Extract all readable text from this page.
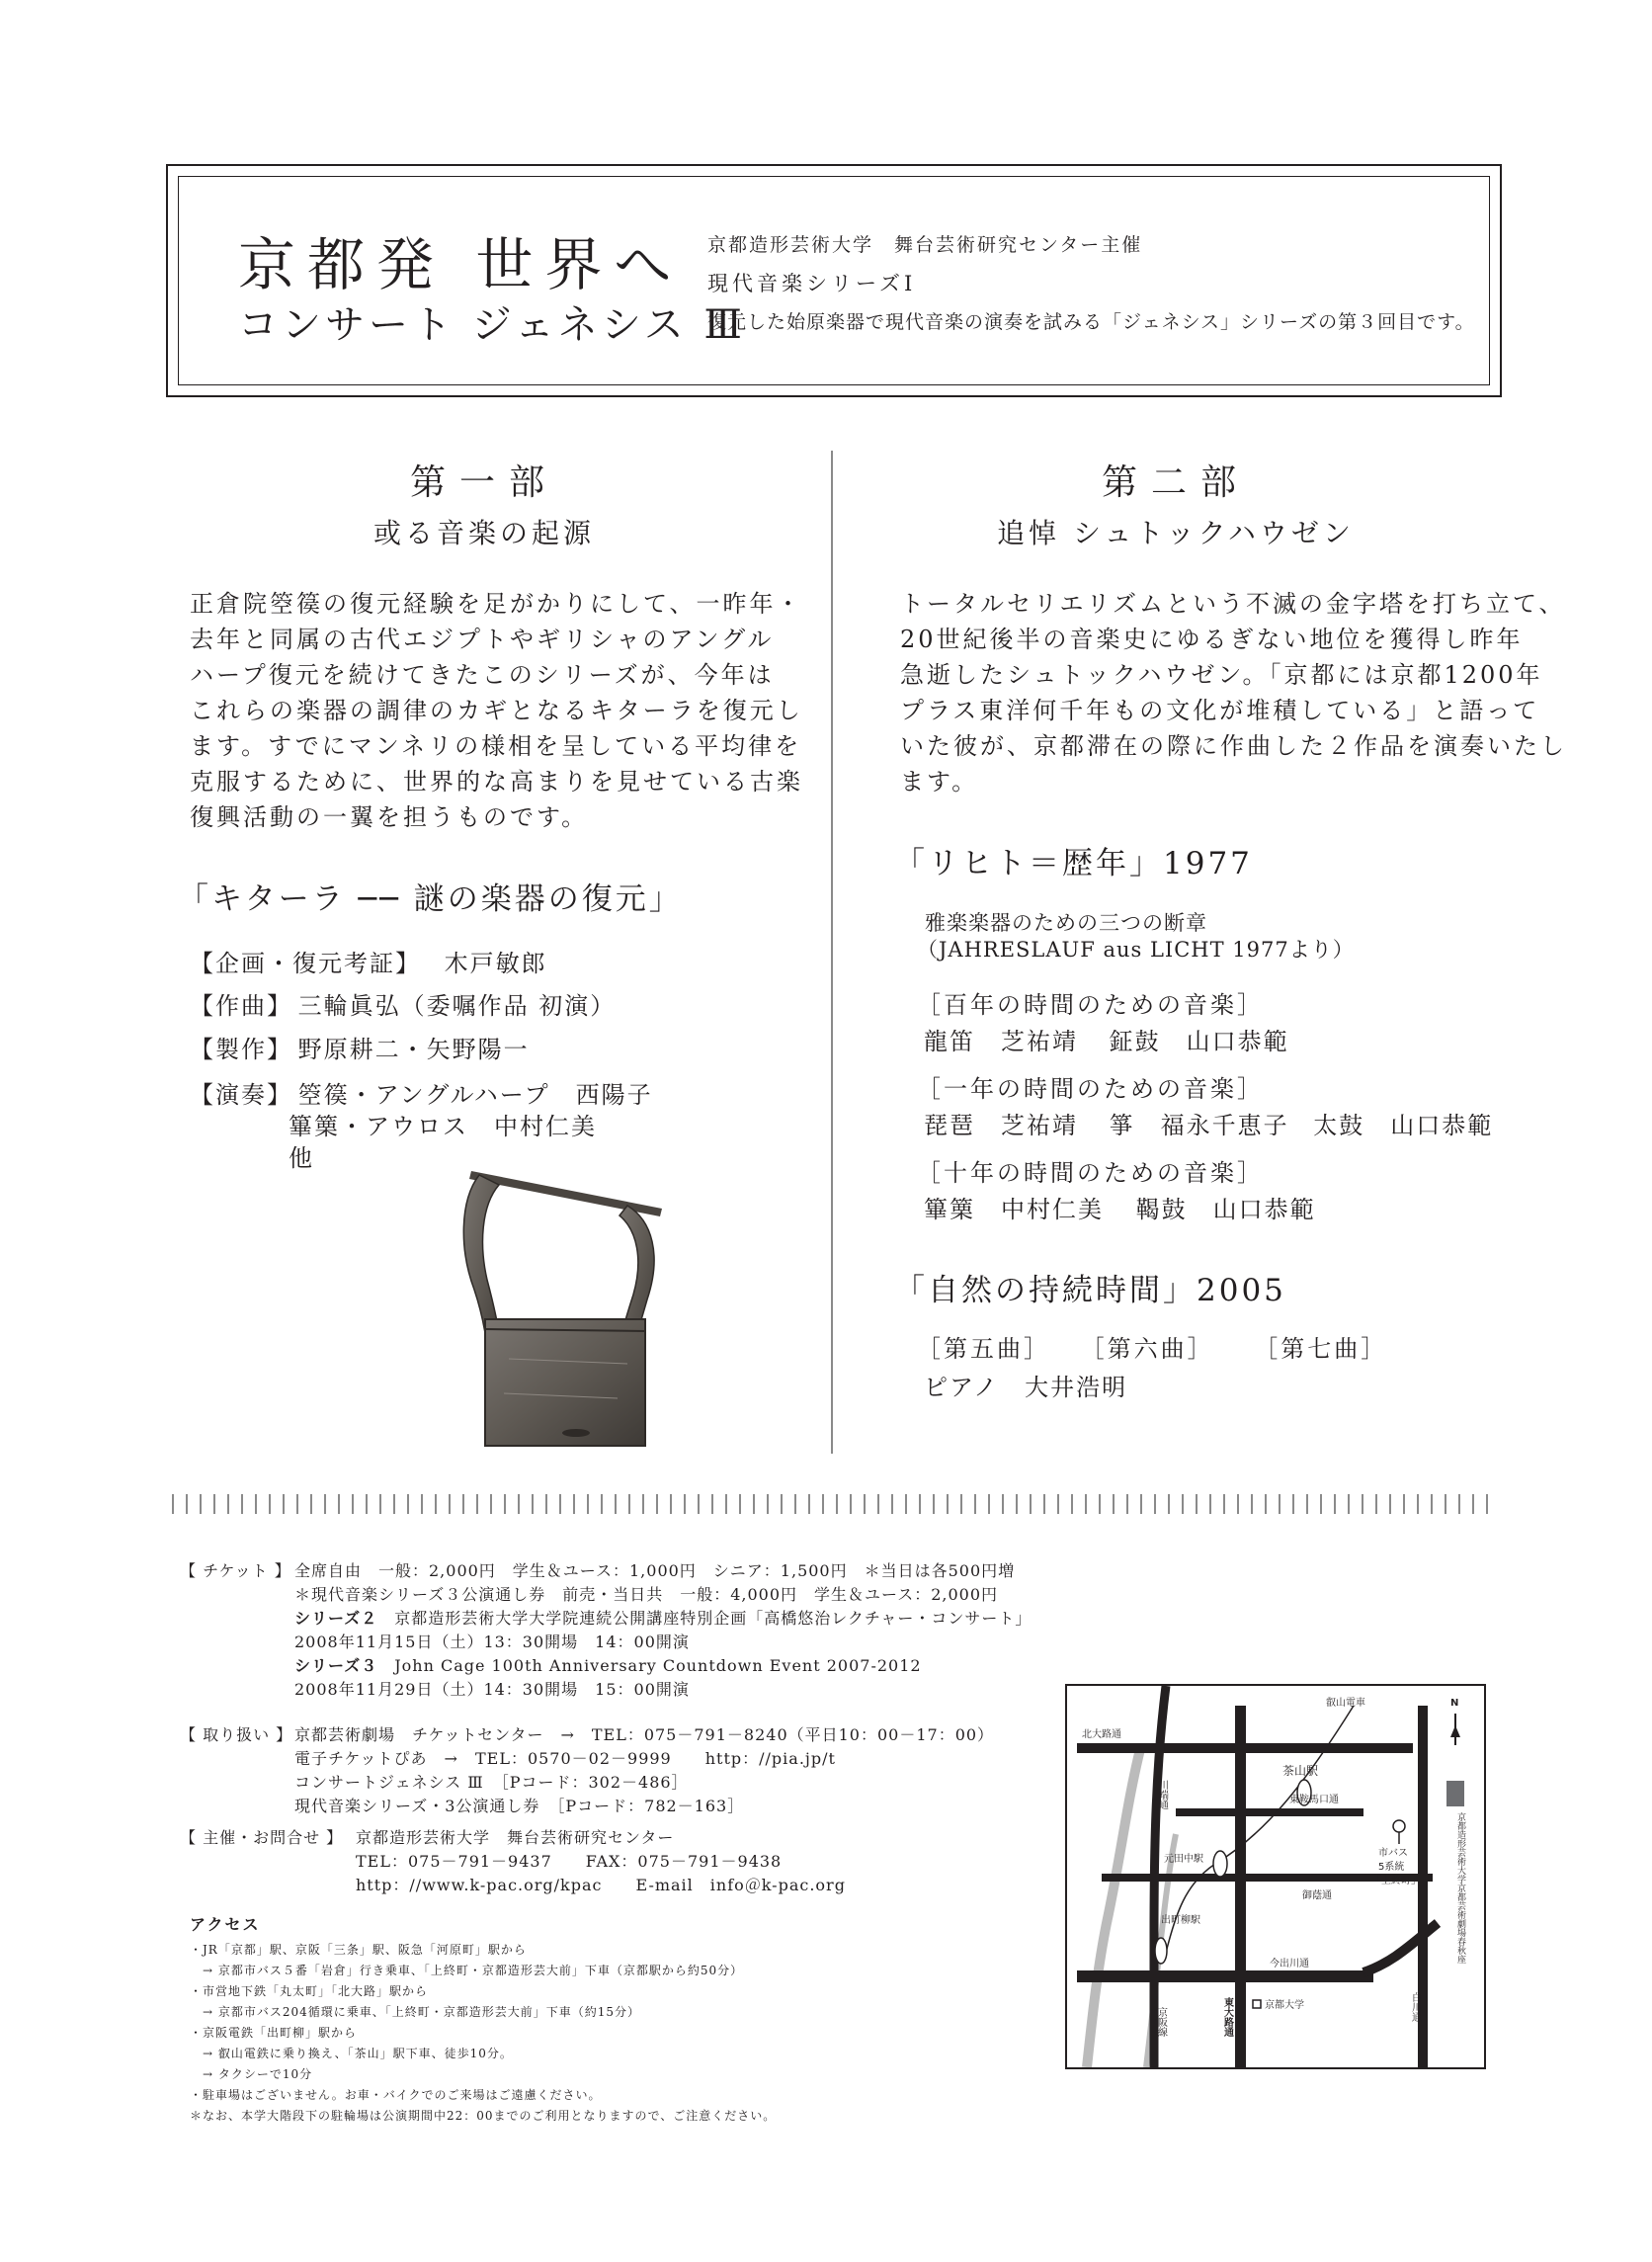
京都発 世界へ
コンサート ジェネシス Ⅲ
京都造形芸術大学　舞台芸術研究センター主催
現代音楽シリーズⅠ
復元した始原楽器で現代音楽の演奏を試みる「ジェネシス」シリーズの第３回目です。
第一部
或る音楽の起源
正倉院箜篌の復元経験を足がかりにして、一昨年・
去年と同属の古代エジプトやギリシャのアングル
ハープ復元を続けてきたこのシリーズが、今年は
これらの楽器の調律のカギとなるキターラを復元し
ます。すでにマンネリの様相を呈している平均律を
克服するために、世界的な高まりを見せている古楽
復興活動の一翼を担うものです。
「キターラ ── 謎の楽器の復元」
【企画・復元考証】 木戸敏郎
【作曲】 三輪眞弘（委嘱作品 初演）
【製作】 野原耕二・矢野陽一
【演奏】 箜篌・アングルハープ　西陽子
篳篥・アウロス　中村仁美
他
第二部
追悼 シュトックハウゼン
トータルセリエリズムという不滅の金字塔を打ち立て、
20世紀後半の音楽史にゆるぎない地位を獲得し昨年
急逝したシュトックハウゼン。「京都には京都1200年
プラス東洋何千年もの文化が堆積している」と語って
いた彼が、京都滞在の際に作曲した２作品を演奏いたし
ます。
「リヒト＝歴年」1977
雅楽楽器のための三つの断章
（JAHRESLAUF aus LICHT 1977より）
［百年の時間のための音楽］
龍笛　芝祐靖 鉦鼓　山口恭範
［一年の時間のための音楽］
琵琶　芝祐靖 箏　福永千恵子 太鼓　山口恭範
［十年の時間のための音楽］
篳篥　中村仁美 鞨鼓　山口恭範
「自然の持続時間」2005
［第五曲］ ［第六曲］ ［第七曲］
ピアノ　大井浩明
【 チケット 】 全席自由　一般：2,000円　学生＆ユース：1,000円　シニア：1,500円　＊当日は各500円増
＊現代音楽シリーズ３公演通し券　前売・当日共　一般：4,000円　学生＆ユース：2,000円
シリーズ２　 京都造形芸術大学大学院連続公開講座特別企画「高橋悠治レクチャー・コンサート」
2008年11月15日（土）13：30開場　14：00開演
シリーズ３　 John Cage 100th Anniversary Countdown Event 2007-2012
2008年11月29日（土）14：30開場　15：00開演
【 取り扱い 】 京都芸術劇場　チケットセンター　→　TEL：075－791－8240（平日10：00－17：00）
電子チケットぴあ　→　TEL：0570－02－9999　　http：//pia.jp/t
コンサートジェネシス Ⅲ　［Pコード：302－486］
現代音楽シリーズ・3公演通し券　［Pコード：782－163］
【 主催・お問合せ 】 京都造形芸術大学　舞台芸術研究センター
TEL：075－791－9437　　FAX：075－791－9438
http：//www.k-pac.org/kpac　　E-mail　info＠k-pac.org
アクセス
・JR「京都」駅、京阪「三条」駅、阪急「河原町」駅から
　→ 京都市バス５番「岩倉」行き乗車、「上終町・京都造形芸大前」下車（京都駅から約50分）
・市営地下鉄「丸太町」「北大路」駅から
　→ 京都市バス204循環に乗車、「上終町・京都造形芸大前」下車（約15分）
・京阪電鉄「出町柳」駅から
　→ 叡山電鉄に乗り換え、「茶山」駅下車、徒歩10分。
　→ タクシーで10分
・駐車場はございません。お車・バイクでのご来場はご遠慮ください。
＊なお、本学大階段下の駐輪場は公演期間中22：00までのご利用となりますので、ご注意ください。
叡山電車
北大路通
N
茶山駅
東鞍馬口通
川端通
市バス
5系統
「上終町」
元田中駅
御蔭通
出町柳駅
今出川通
京都大学
東大路通
京阪線	白川通
京都造形芸術大学京都芸術劇場春秋座
